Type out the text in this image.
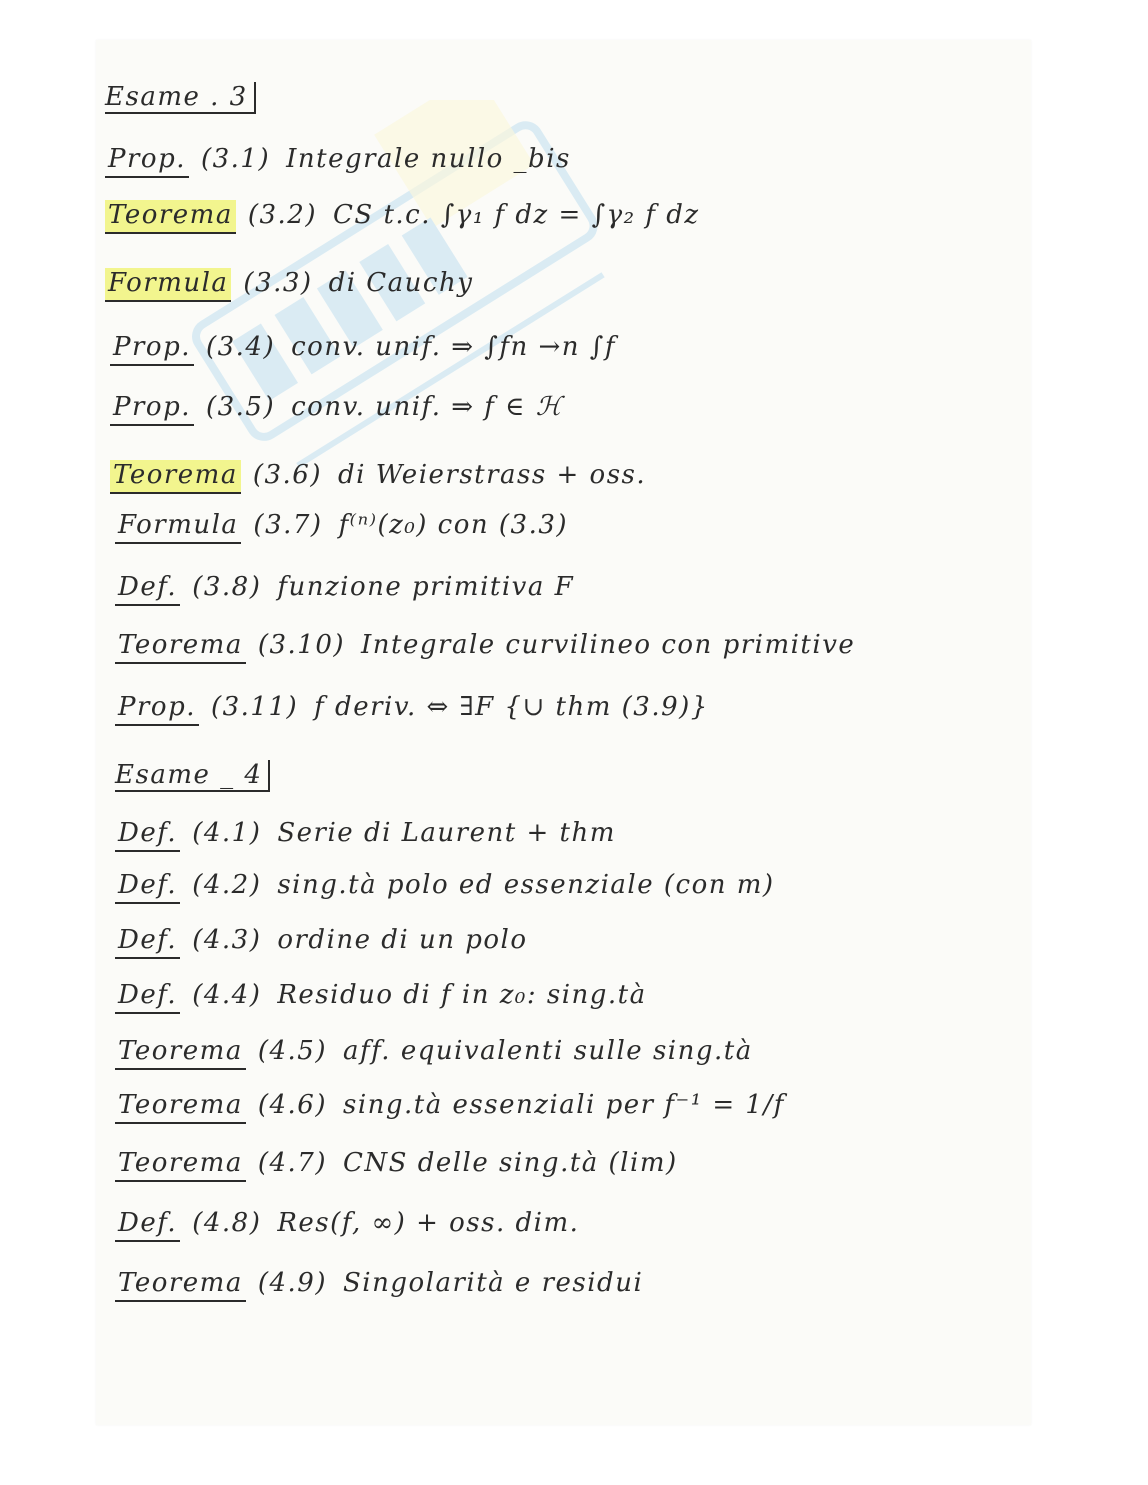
Esame . 3
Prop. (3.1) Integrale nullo _bis
Teorema (3.2) CS t.c. ∫γ₁ f dz = ∫γ₂ f dz
Formula (3.3) di Cauchy
Prop. (3.4) conv. unif. ⇒ ∫fn →n ∫f
Prop. (3.5) conv. unif. ⇒ f ∈ ℋ
Teorema (3.6) di Weierstrass + oss.
Formula (3.7) f⁽ⁿ⁾(z₀) con (3.3)
Def. (3.8) funzione primitiva F
Teorema (3.10) Integrale curvilineo con primitive
Prop. (3.11) f deriv. ⇔ ∃F {∪ thm (3.9)}
Esame _ 4
Def. (4.1) Serie di Laurent + thm
Def. (4.2) sing.tà polo ed essenziale (con m)
Def. (4.3) ordine di un polo
Def. (4.4) Residuo di f in z₀: sing.tà
Teorema (4.5) aff. equivalenti sulle sing.tà
Teorema (4.6) sing.tà essenziali per f⁻¹ = 1/f
Teorema (4.7) CNS delle sing.tà (lim)
Def. (4.8) Res(f, ∞) + oss. dim.
Teorema (4.9) Singolarità e residui
